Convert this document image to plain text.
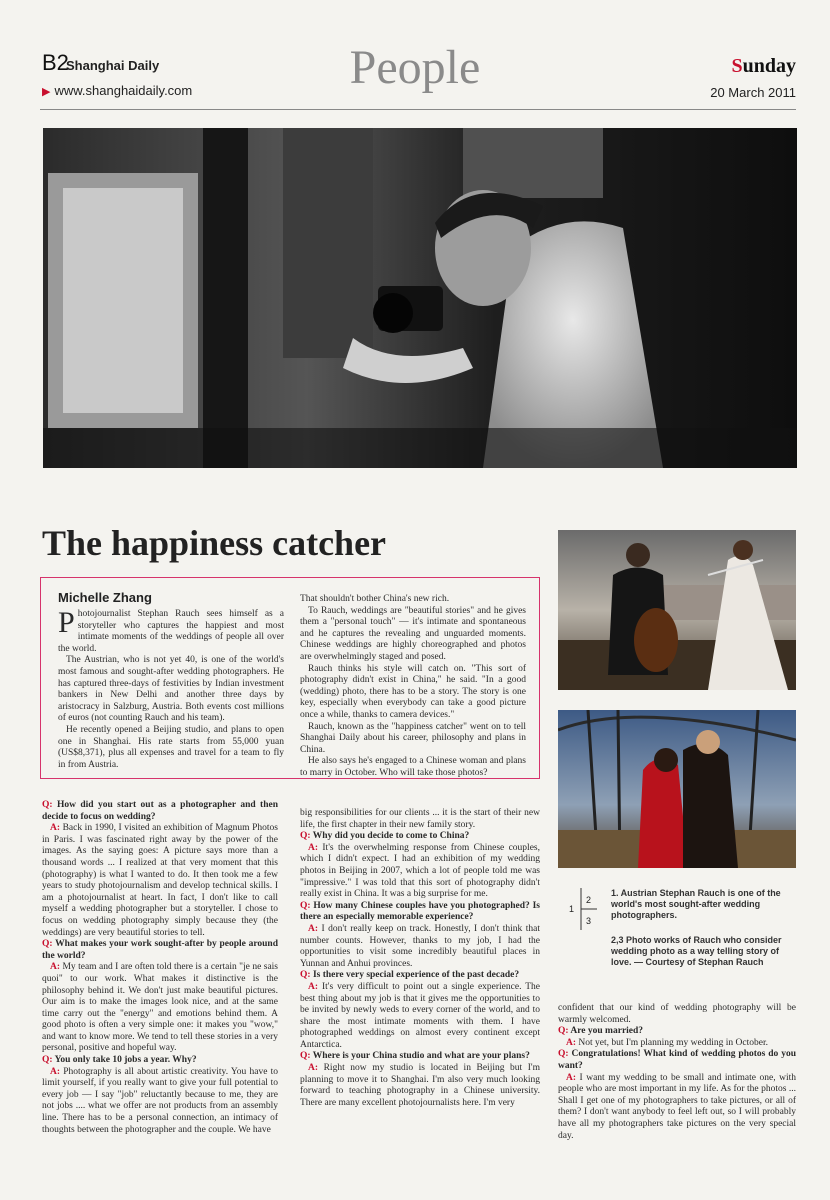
B2
Shanghai Daily
▶ www.shanghaidaily.com	People	Sunday
20 March 2011
The happiness catcher
Michelle Zhang

Photojournalist Stephan Rauch sees himself as a storyteller who captures the happiest and most intimate moments of the weddings of people all over the world.

The Austrian, who is not yet 40, is one of the world's most famous and sought-after wedding photographers. He has captured three-days of festivities by Indian investment bankers in New Delhi and another three days by aristocracy in Salzburg, Austria. Both events cost millions of euros (not counting Rauch and his team).

He recently opened a Beijing studio, and plans to open one in Shanghai. His rate starts from 55,000 yuan (US$8,371), plus all expenses and travel for a team to fly in from Austria.

That shouldn't bother China's new rich.

To Rauch, weddings are "beautiful stories" and he gives them a "personal touch" — it's intimate and spontaneous and he captures the revealing and unguarded moments. Chinese weddings are highly choreographed and photos are overwhelmingly staged and posed.

Rauch thinks his style will catch on. "This sort of photography didn't exist in China," he said. "In a good (wedding) photo, there has to be a story. The story is one key, especially when everybody can take a good picture once a while, thanks to camera devices."

Rauch, known as the "happiness catcher" went on to tell Shanghai Daily about his career, philosophy and plans in China.

He also says he's engaged to a Chinese woman and plans to marry in October. Who will take those photos?

1
2
3
1. Austrian Stephan Rauch is one of the world's most sought-after wedding photographers.
2,3 Photo works of Rauch who consider wedding photo as a way telling story of love. — Courtesy of Stephan Rauch

Q: How did you start out as a photographer and then decide to focus on wedding?

A: Back in 1990, I visited an exhibition of Magnum Photos in Paris. I was fascinated right away by the power of the images. As the saying goes: A picture says more than a thousand words ... I realized at that very moment that this (photography) is what I wanted to do. It then took me a few years to study photojournalism and develop technical skills. I am a photojournalist at heart. In fact, I don't like to call myself a wedding photographer but a storyteller. I chose to focus on wedding photography simply because they (the weddings) are very beautiful stories to tell.

Q: What makes your work sought-after by people around the world?

A: My team and I are often told there is a certain "je ne sais quoi" to our work. What makes it distinctive is the philosophy behind it. We don't just make beautiful pictures. Our aim is to make the images look nice, and at the same time carry out the "energy" and emotions behind them. A good photo is often a very simple one: it makes you "wow," and want to know more. We tend to tell these stories in a very personal, positive and hopeful way.

Q: You only take 10 jobs a year. Why?

A: Photography is all about artistic creativity. You have to limit yourself, if you really want to give your full potential to every job — I say "job" reluctantly because to me, they are not jobs .... what we offer are not products from an assembly line. There has to be a personal connection, an intimacy of thoughts between the photographer and the couple. We have

big responsibilities for our clients ... it is the start of their new life, the first chapter in their new family story.

Q: Why did you decide to come to China?

A: It's the overwhelming response from Chinese couples, which I didn't expect. I had an exhibition of my wedding photos in Beijing in 2007, which a lot of people told me was "impressive." I was told that this sort of photography didn't really exist in China. It was a big surprise for me.

Q: How many Chinese couples have you photographed? Is there an especially memorable experience?

A: I don't really keep on track. Honestly, I don't think that number counts. However, thanks to my job, I had the opportunities to visit some incredibly beautiful places in Yunnan and Anhui provinces.

Q: Is there very special experience of the past decade?

A: It's very difficult to point out a single experience. The best thing about my job is that it gives me the opportunities to be invited by newly weds to every corner of the world, and to share the most intimate moments with them. I have photographed weddings on almost every continent except Antarctica.

Q: Where is your China studio and what are your plans?

A: Right now my studio is located in Beijing but I'm planning to move it to Shanghai. I'm also very much looking forward to teaching photography in a Chinese university. There are many excellent photojournalists here. I'm very

confident that our kind of wedding photography will be warmly welcomed.

Q: Are you married?

A: Not yet, but I'm planning my wedding in October.

Q: Congratulations! What kind of wedding photos do you want?

A: I want my wedding to be small and intimate one, with people who are most important in my life. As for the photos ... Shall I get one of my photographers to take pictures, or all of them? I don't want anybody to feel left out, so I will probably have all my photographers take pictures on the very special day.
